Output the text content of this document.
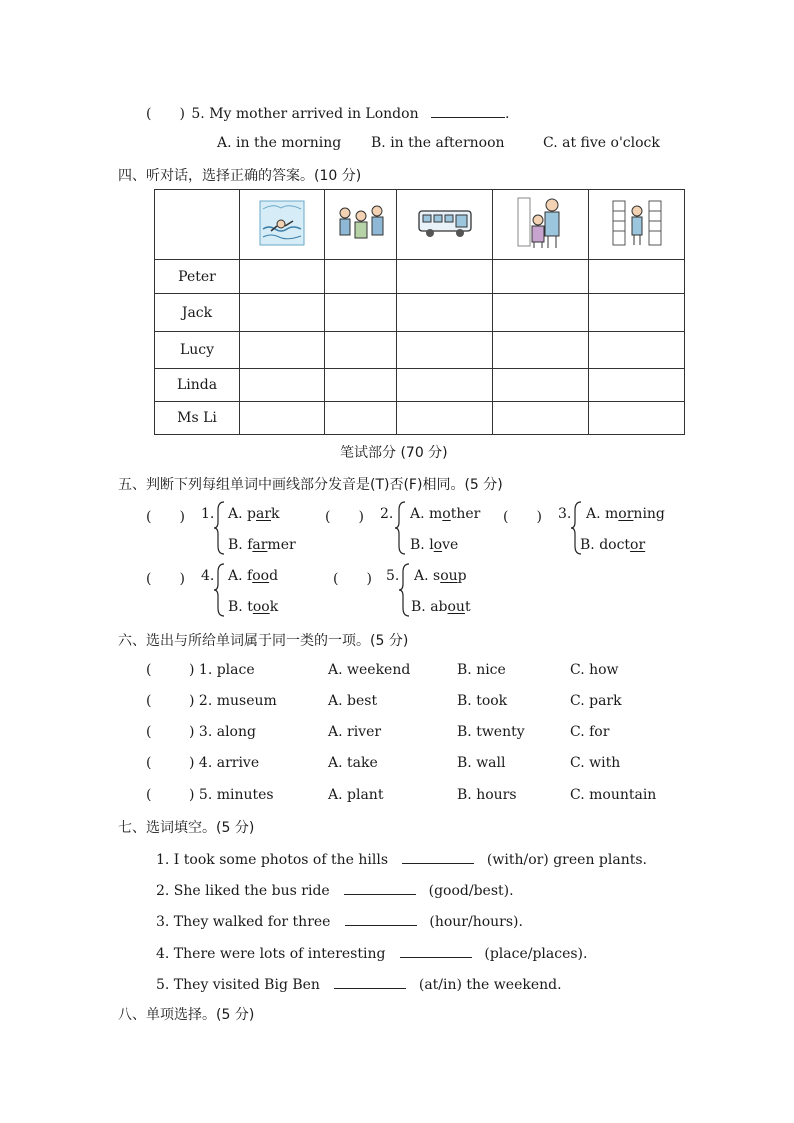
(　　) 5. My mother arrived in London	.
A. in the morning B. in the afternoon	C. at five o'clock
四、听对话，选择正确的答案。(10 分)

Peter					
Jack					
Lucy					
Linda					
Ms Li					
笔试部分 (70 分)
五、判断下列每组单词中画线部分发音是(T)否(F)相同。(5 分)
(　　) 1. A. park
B. farmer
(　　) 2. A. mother
B. love
(　　) 3. A. morning
B. doctor
(　　) 4. A. food
B. took
(　　) 5. A. soup
B. about
六、选出与所给单词属于同一类的一项。(5 分)
(	) 1. place	A. weekend	B. nice	C. how
(	) 2. museum	A. best	B. took	C. park
(	) 3. along	A. river	B. twenty	C. for
(	) 4. arrive	A. take	B. wall	C. with
(	) 5. minutes	A. plant	B. hours	C. mountain
七、选词填空。(5 分)
1. I took some photos of the hills	(with/or) green plants.
2. She liked the bus ride	(good/best).
3. They walked for three	(hour/hours).
4. There were lots of interesting	(place/places).
5. They visited Big Ben	(at/in) the weekend.
八、单项选择。(5 分)
